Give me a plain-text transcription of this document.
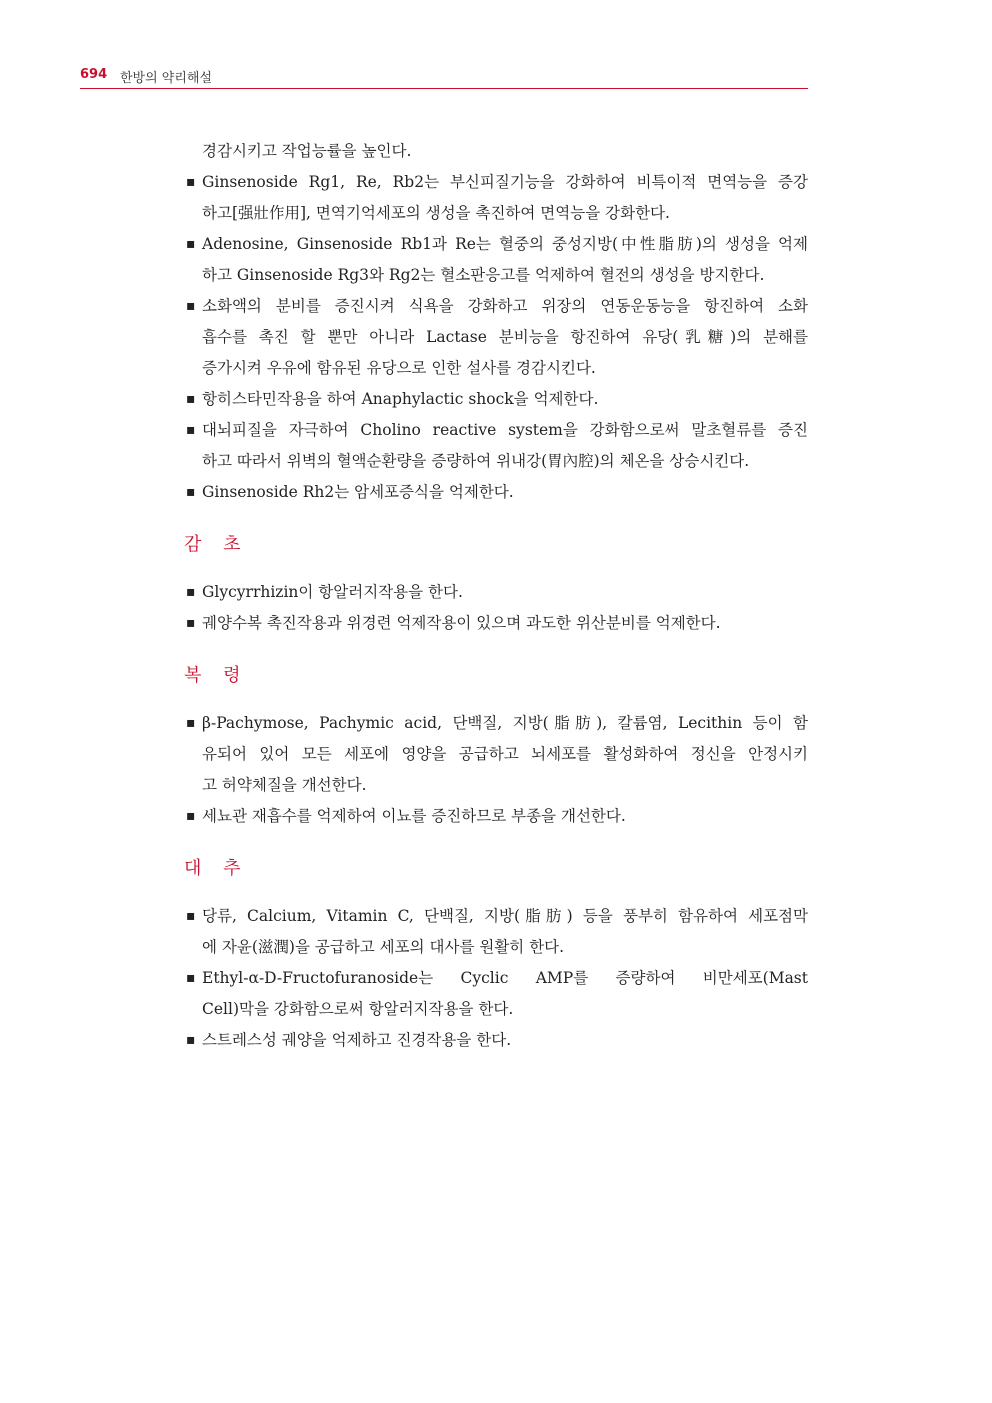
694 한방의 약리해설
경감시키고 작업능률을 높인다.
▪ Ginsenoside Rg1, Re, Rb2는 부신피질기능을 강화하여 비특이적 면역능을 증강
하고[强壯作用], 면역기억세포의 생성을 촉진하여 면역능을 강화한다.
▪ Adenosine, Ginsenoside Rb1과 Re는 혈중의 중성지방(中性脂肪)의 생성을 억제
하고 Ginsenoside Rg3와 Rg2는 혈소판응고를 억제하여 혈전의 생성을 방지한다.
▪ 소화액의 분비를 증진시켜 식욕을 강화하고 위장의 연동운동능을 항진하여 소화
흡수를 촉진 할 뿐만 아니라 Lactase 분비능을 항진하여 유당(乳糖)의 분해를
증가시켜 우유에 함유된 유당으로 인한 설사를 경감시킨다.
▪ 항히스타민작용을 하여 Anaphylactic shock을 억제한다.
▪ 대뇌피질을 자극하여 Cholino reactive system을 강화함으로써 말초혈류를 증진
하고 따라서 위벽의 혈액순환량을 증량하여 위내강(胃內腔)의 체온을 상승시킨다.
▪ Ginsenoside Rh2는 암세포증식을 억제한다.
감 초
▪ Glycyrrhizin이 항알러지작용을 한다.
▪ 궤양수복 촉진작용과 위경련 억제작용이 있으며 과도한 위산분비를 억제한다.
복 령
▪ β-Pachymose, Pachymic acid, 단백질, 지방(脂肪), 칼륨염, Lecithin 등이 함
유되어 있어 모든 세포에 영양을 공급하고 뇌세포를 활성화하여 정신을 안정시키
고 허약체질을 개선한다.
▪ 세뇨관 재흡수를 억제하여 이뇨를 증진하므로 부종을 개선한다.
대 추
▪ 당류, Calcium, Vitamin C, 단백질, 지방(脂肪) 등을 풍부히 함유하여 세포점막
에 자윤(滋潤)을 공급하고 세포의 대사를 원활히 한다.
▪ Ethyl-α-D-Fructofuranoside는 Cyclic AMP를 증량하여 비만세포(Mast
Cell)막을 강화함으로써 항알러지작용을 한다.
▪ 스트레스성 궤양을 억제하고 진경작용을 한다.
